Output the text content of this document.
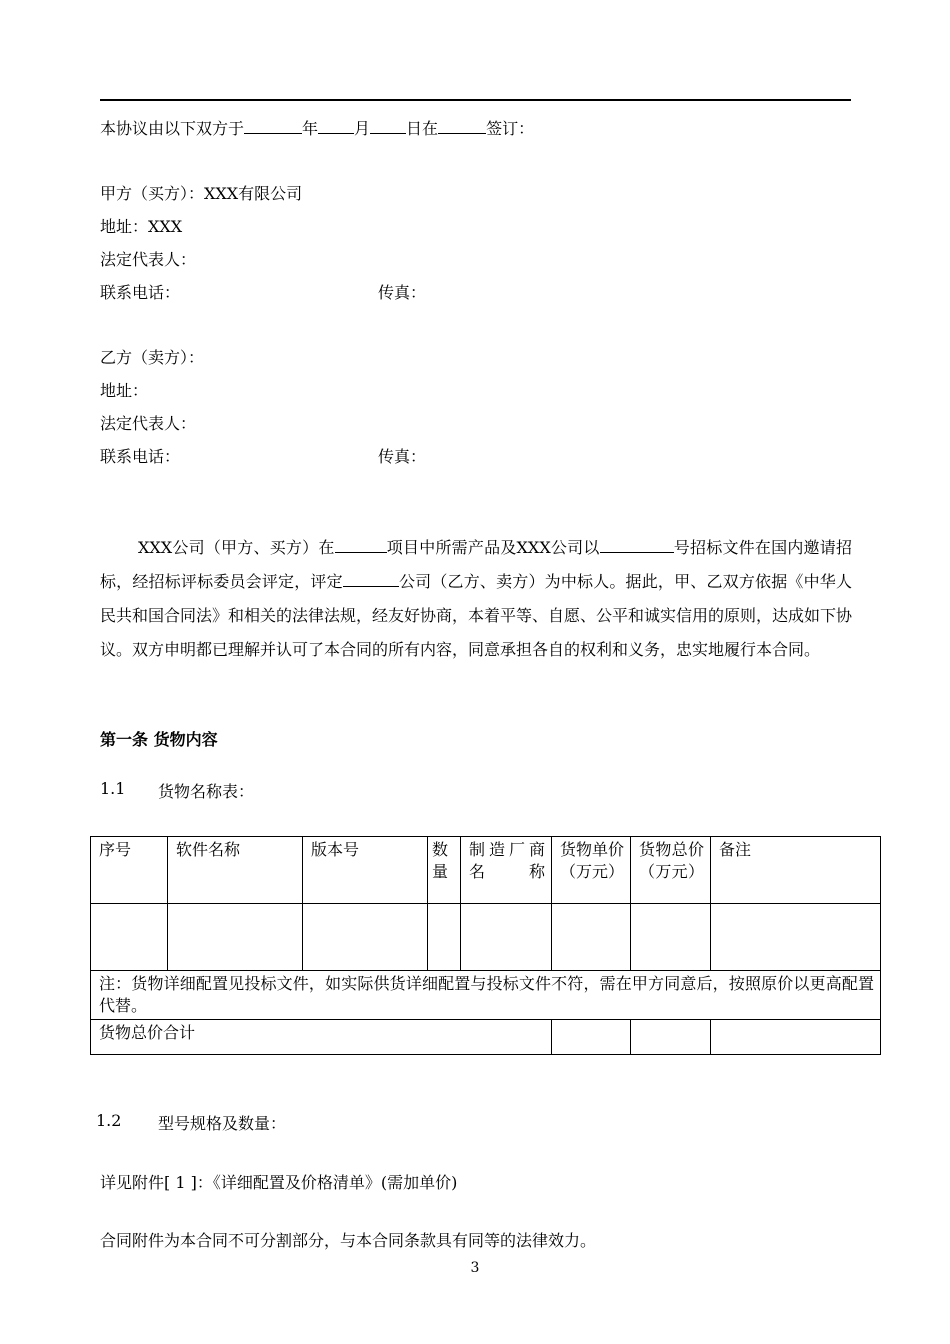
本协议由以下双方于	年 月 日在	签订：
甲方（买方）：XXX有限公司
地址：XXX
法定代表人：
联系电话：	传真：
乙方（卖方）：
地址：
法定代表人：
联系电话：	传真：
XXX公司（甲方、买方）在	项目中所需产品及XXX公司以	号招标文件在国内邀请招标，经招标评标委员会评定，评定	公司（乙方、卖方）为中标人。据此，甲、乙双方依据《中华人民共和国合同法》和相关的法律法规，经友好协商，本着平等、自愿、公平和诚实信用的原则，达成如下协议。双方申明都已理解并认可了本合同的所有内容，同意承担各自的权利和义务，忠实地履行本合同。
第一条 货物内容
1.1 货物名称表：
序号	软件名称	版本号	数量	制造厂商名称	货物单价（万元）	货物总价（万元）	备注

注：货物详细配置见投标文件，如实际供货详细配置与投标文件不符，需在甲方同意后，按照原价以更高配置代替。							
货物总价合计							
1.2 型号规格及数量：
详见附件[ 1 ]：《详细配置及价格清单》(需加单价)
合同附件为本合同不可分割部分，与本合同条款具有同等的法律效力。
3
